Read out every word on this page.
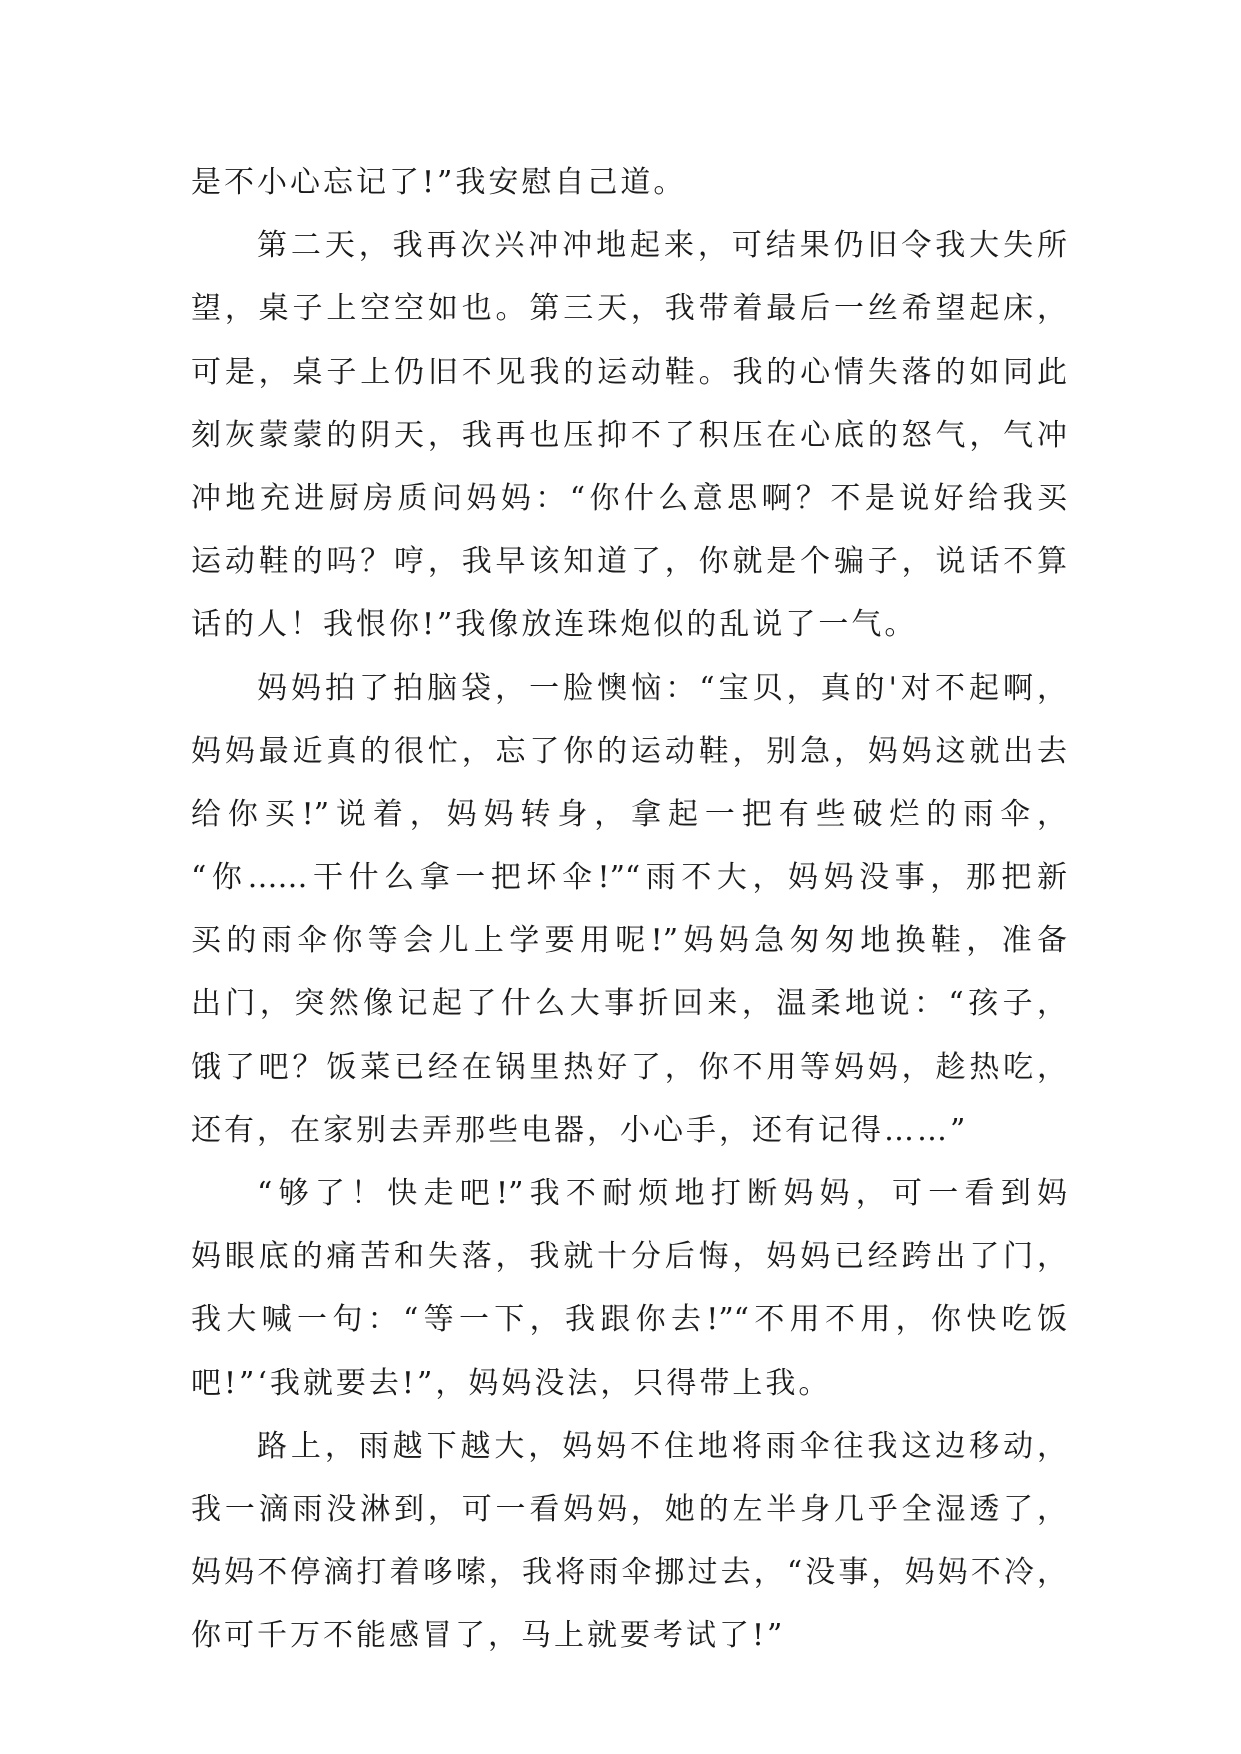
是不小心忘记了!”我安慰自己道。
第二天，我再次兴冲冲地起来，可结果仍旧令我大失所
望，桌子上空空如也。第三天，我带着最后一丝希望起床，
可是，桌子上仍旧不见我的运动鞋。我的心情失落的如同此
刻灰蒙蒙的阴天，我再也压抑不了积压在心底的怒气，气冲
冲地充进厨房质问妈妈：“你什么意思啊？不是说好给我买
运动鞋的吗？哼，我早该知道了，你就是个骗子，说话不算
话的人！我恨你!”我像放连珠炮似的乱说了一气。
妈妈拍了拍脑袋，一脸懊恼：“宝贝，真的'对不起啊，
妈妈最近真的很忙，忘了你的运动鞋，别急，妈妈这就出去
给你买!”说着，妈妈转身，拿起一把有些破烂的雨伞，
“你……干什么拿一把坏伞!”“雨不大，妈妈没事，那把新
买的雨伞你等会儿上学要用呢!”妈妈急匆匆地换鞋，准备
出门，突然像记起了什么大事折回来，温柔地说：“孩子，
饿了吧？饭菜已经在锅里热好了，你不用等妈妈，趁热吃，
还有，在家别去弄那些电器，小心手，还有记得……”
“够了！快走吧!”我不耐烦地打断妈妈，可一看到妈
妈眼底的痛苦和失落，我就十分后悔，妈妈已经跨出了门，
我大喊一句：“等一下，我跟你去!”“不用不用，你快吃饭
吧!”‘我就要去!”，妈妈没法，只得带上我。
路上，雨越下越大，妈妈不住地将雨伞往我这边移动，
我一滴雨没淋到，可一看妈妈，她的左半身几乎全湿透了，
妈妈不停滴打着哆嗦，我将雨伞挪过去，“没事，妈妈不冷，
你可千万不能感冒了，马上就要考试了!”
